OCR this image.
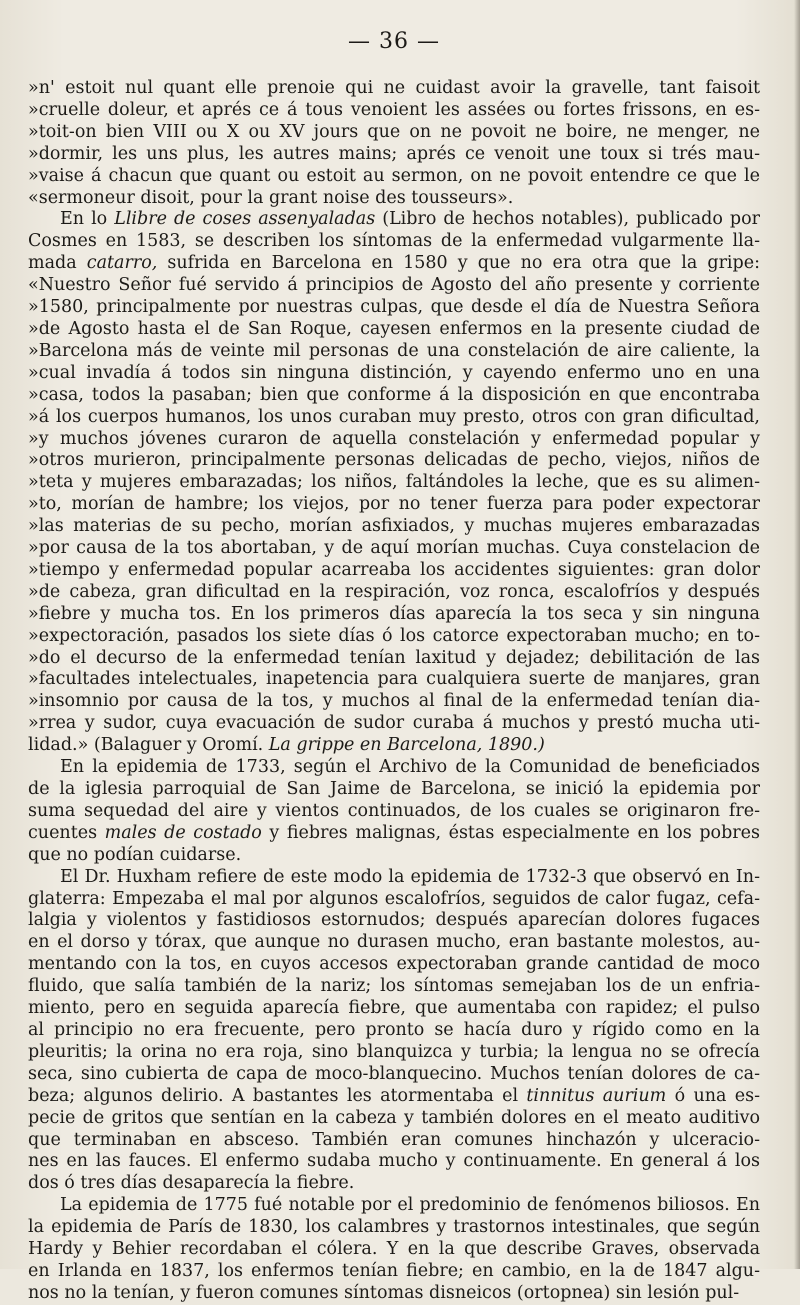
— 36 —
»n' estoit nul quant elle prenoie qui ne cuidast avoir la gravelle, tant faisoit
»cruelle doleur, et aprés ce á tous venoient les assées ou fortes frissons, en es-
»toit-on bien VIII ou X ou XV jours que on ne povoit ne boire, ne menger, ne
»dormir, les uns plus, les autres mains; aprés ce venoit une toux si trés mau-
»vaise á chacun que quant ou estoit au sermon, on ne povoit entendre ce que le
«sermoneur disoit, pour la grant noise des tousseurs».
En lo Llibre de coses assenyaladas (Libro de hechos notables), publicado por
Cosmes en 1583, se describen los síntomas de la enfermedad vulgarmente lla-
mada catarro, sufrida en Barcelona en 1580 y que no era otra que la gripe:
«Nuestro Señor fué servido á principios de Agosto del año presente y corriente
»1580, principalmente por nuestras culpas, que desde el día de Nuestra Señora
»de Agosto hasta el de San Roque, cayesen enfermos en la presente ciudad de
»Barcelona más de veinte mil personas de una constelación de aire caliente, la
»cual invadía á todos sin ninguna distinción, y cayendo enfermo uno en una
»casa, todos la pasaban; bien que conforme á la disposición en que encontraba
»á los cuerpos humanos, los unos curaban muy presto, otros con gran dificultad,
»y muchos jóvenes curaron de aquella constelación y enfermedad popular y
»otros murieron, principalmente personas delicadas de pecho, viejos, niños de
»teta y mujeres embarazadas; los niños, faltándoles la leche, que es su alimen-
»to, morían de hambre; los viejos, por no tener fuerza para poder expectorar
»las materias de su pecho, morían asfixiados, y muchas mujeres embarazadas
»por causa de la tos abortaban, y de aquí morían muchas. Cuya constelacion de
»tiempo y enfermedad popular acarreaba los accidentes siguientes: gran dolor
»de cabeza, gran dificultad en la respiración, voz ronca, escalofríos y después
»fiebre y mucha tos. En los primeros días aparecía la tos seca y sin ninguna
»expectoración, pasados los siete días ó los catorce expectoraban mucho; en to-
»do el decurso de la enfermedad tenían laxitud y dejadez; debilitación de las
»facultades intelectuales, inapetencia para cualquiera suerte de manjares, gran
»insomnio por causa de la tos, y muchos al final de la enfermedad tenían dia-
»rrea y sudor, cuya evacuación de sudor curaba á muchos y prestó mucha uti-
lidad.» (Balaguer y Oromí. La grippe en Barcelona, 1890.)
En la epidemia de 1733, según el Archivo de la Comunidad de beneficiados
de la iglesia parroquial de San Jaime de Barcelona, se inició la epidemia por
suma sequedad del aire y vientos continuados, de los cuales se originaron fre-
cuentes males de costado y fiebres malignas, éstas especialmente en los pobres
que no podían cuidarse.
El Dr. Huxham refiere de este modo la epidemia de 1732-3 que observó en In-
glaterra: Empezaba el mal por algunos escalofríos, seguidos de calor fugaz, cefa-
lalgia y violentos y fastidiosos estornudos; después aparecían dolores fugaces
en el dorso y tórax, que aunque no durasen mucho, eran bastante molestos, au-
mentando con la tos, en cuyos accesos expectoraban grande cantidad de moco
fluido, que salía también de la nariz; los síntomas semejaban los de un enfria-
miento, pero en seguida aparecía fiebre, que aumentaba con rapidez; el pulso
al principio no era frecuente, pero pronto se hacía duro y rígido como en la
pleuritis; la orina no era roja, sino blanquizca y turbia; la lengua no se ofrecía
seca, sino cubierta de capa de moco-blanquecino. Muchos tenían dolores de ca-
beza; algunos delirio. A bastantes les atormentaba el tinnitus aurium ó una es-
pecie de gritos que sentían en la cabeza y también dolores en el meato auditivo
que terminaban en absceso. También eran comunes hinchazón y ulceracio-
nes en las fauces. El enfermo sudaba mucho y continuamente. En general á los
dos ó tres días desaparecía la fiebre.
La epidemia de 1775 fué notable por el predominio de fenómenos biliosos. En
la epidemia de París de 1830, los calambres y trastornos intestinales, que según
Hardy y Behier recordaban el cólera. Y en la que describe Graves, observada
en Irlanda en 1837, los enfermos tenían fiebre; en cambio, en la de 1847 algu-
nos no la tenían, y fueron comunes síntomas disneicos (ortopnea) sin lesión pul-
